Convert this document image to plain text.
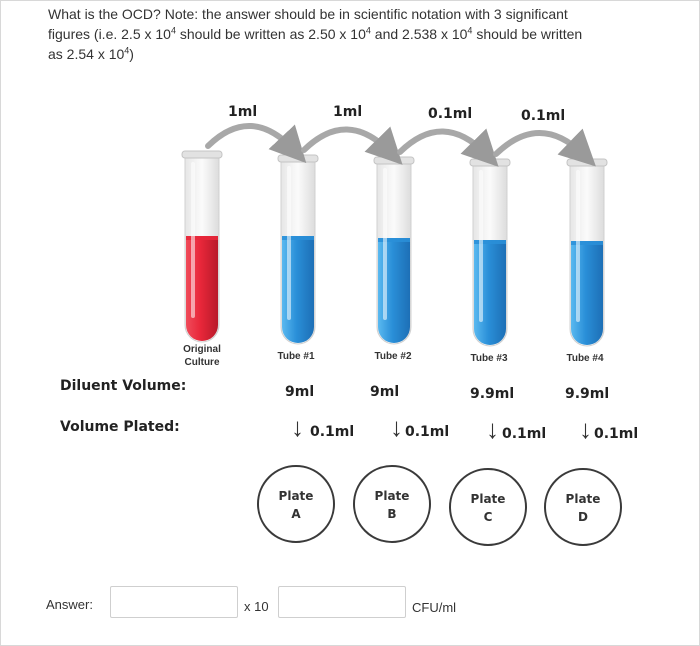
What is the OCD? Note: the answer should be in scientific notation with 3 significant
figures (i.e. 2.5 x $10^4$ should be written as 2.50 x $10^4$ and 2.538 x $10^4$ should be written
as 2.54 x $10^4$)
1ml	1ml	0.1ml	0.1ml
Original
Culture
Tube #1	Tube #2	Tube #3	Tube #4
Diluent Volume:
Volume Plated:
9ml	9ml	9.9ml	9.9ml
↓ 0.1ml ↓ 0.1ml ↓ 0.1ml ↓ 0.1ml
Plate
A
Plate
B
Plate
C
Plate
D
Answer:	x 10	CFU/ml
